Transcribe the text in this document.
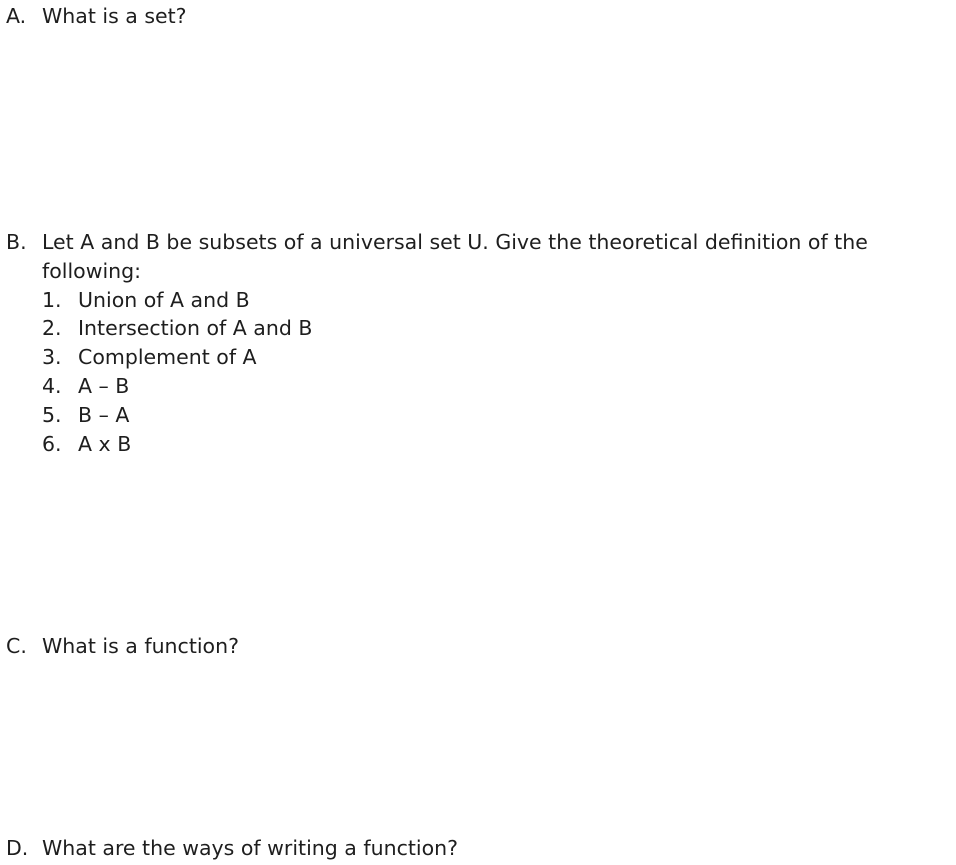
A. What is a set?
B. Let A and B be subsets of a universal set U. Give the theoretical definition of the following:
1. Union of A and B
2. Intersection of A and B
3. Complement of A
4. A – B
5. B – A
6. A x B
C. What is a function?
D. What are the ways of writing a function?
